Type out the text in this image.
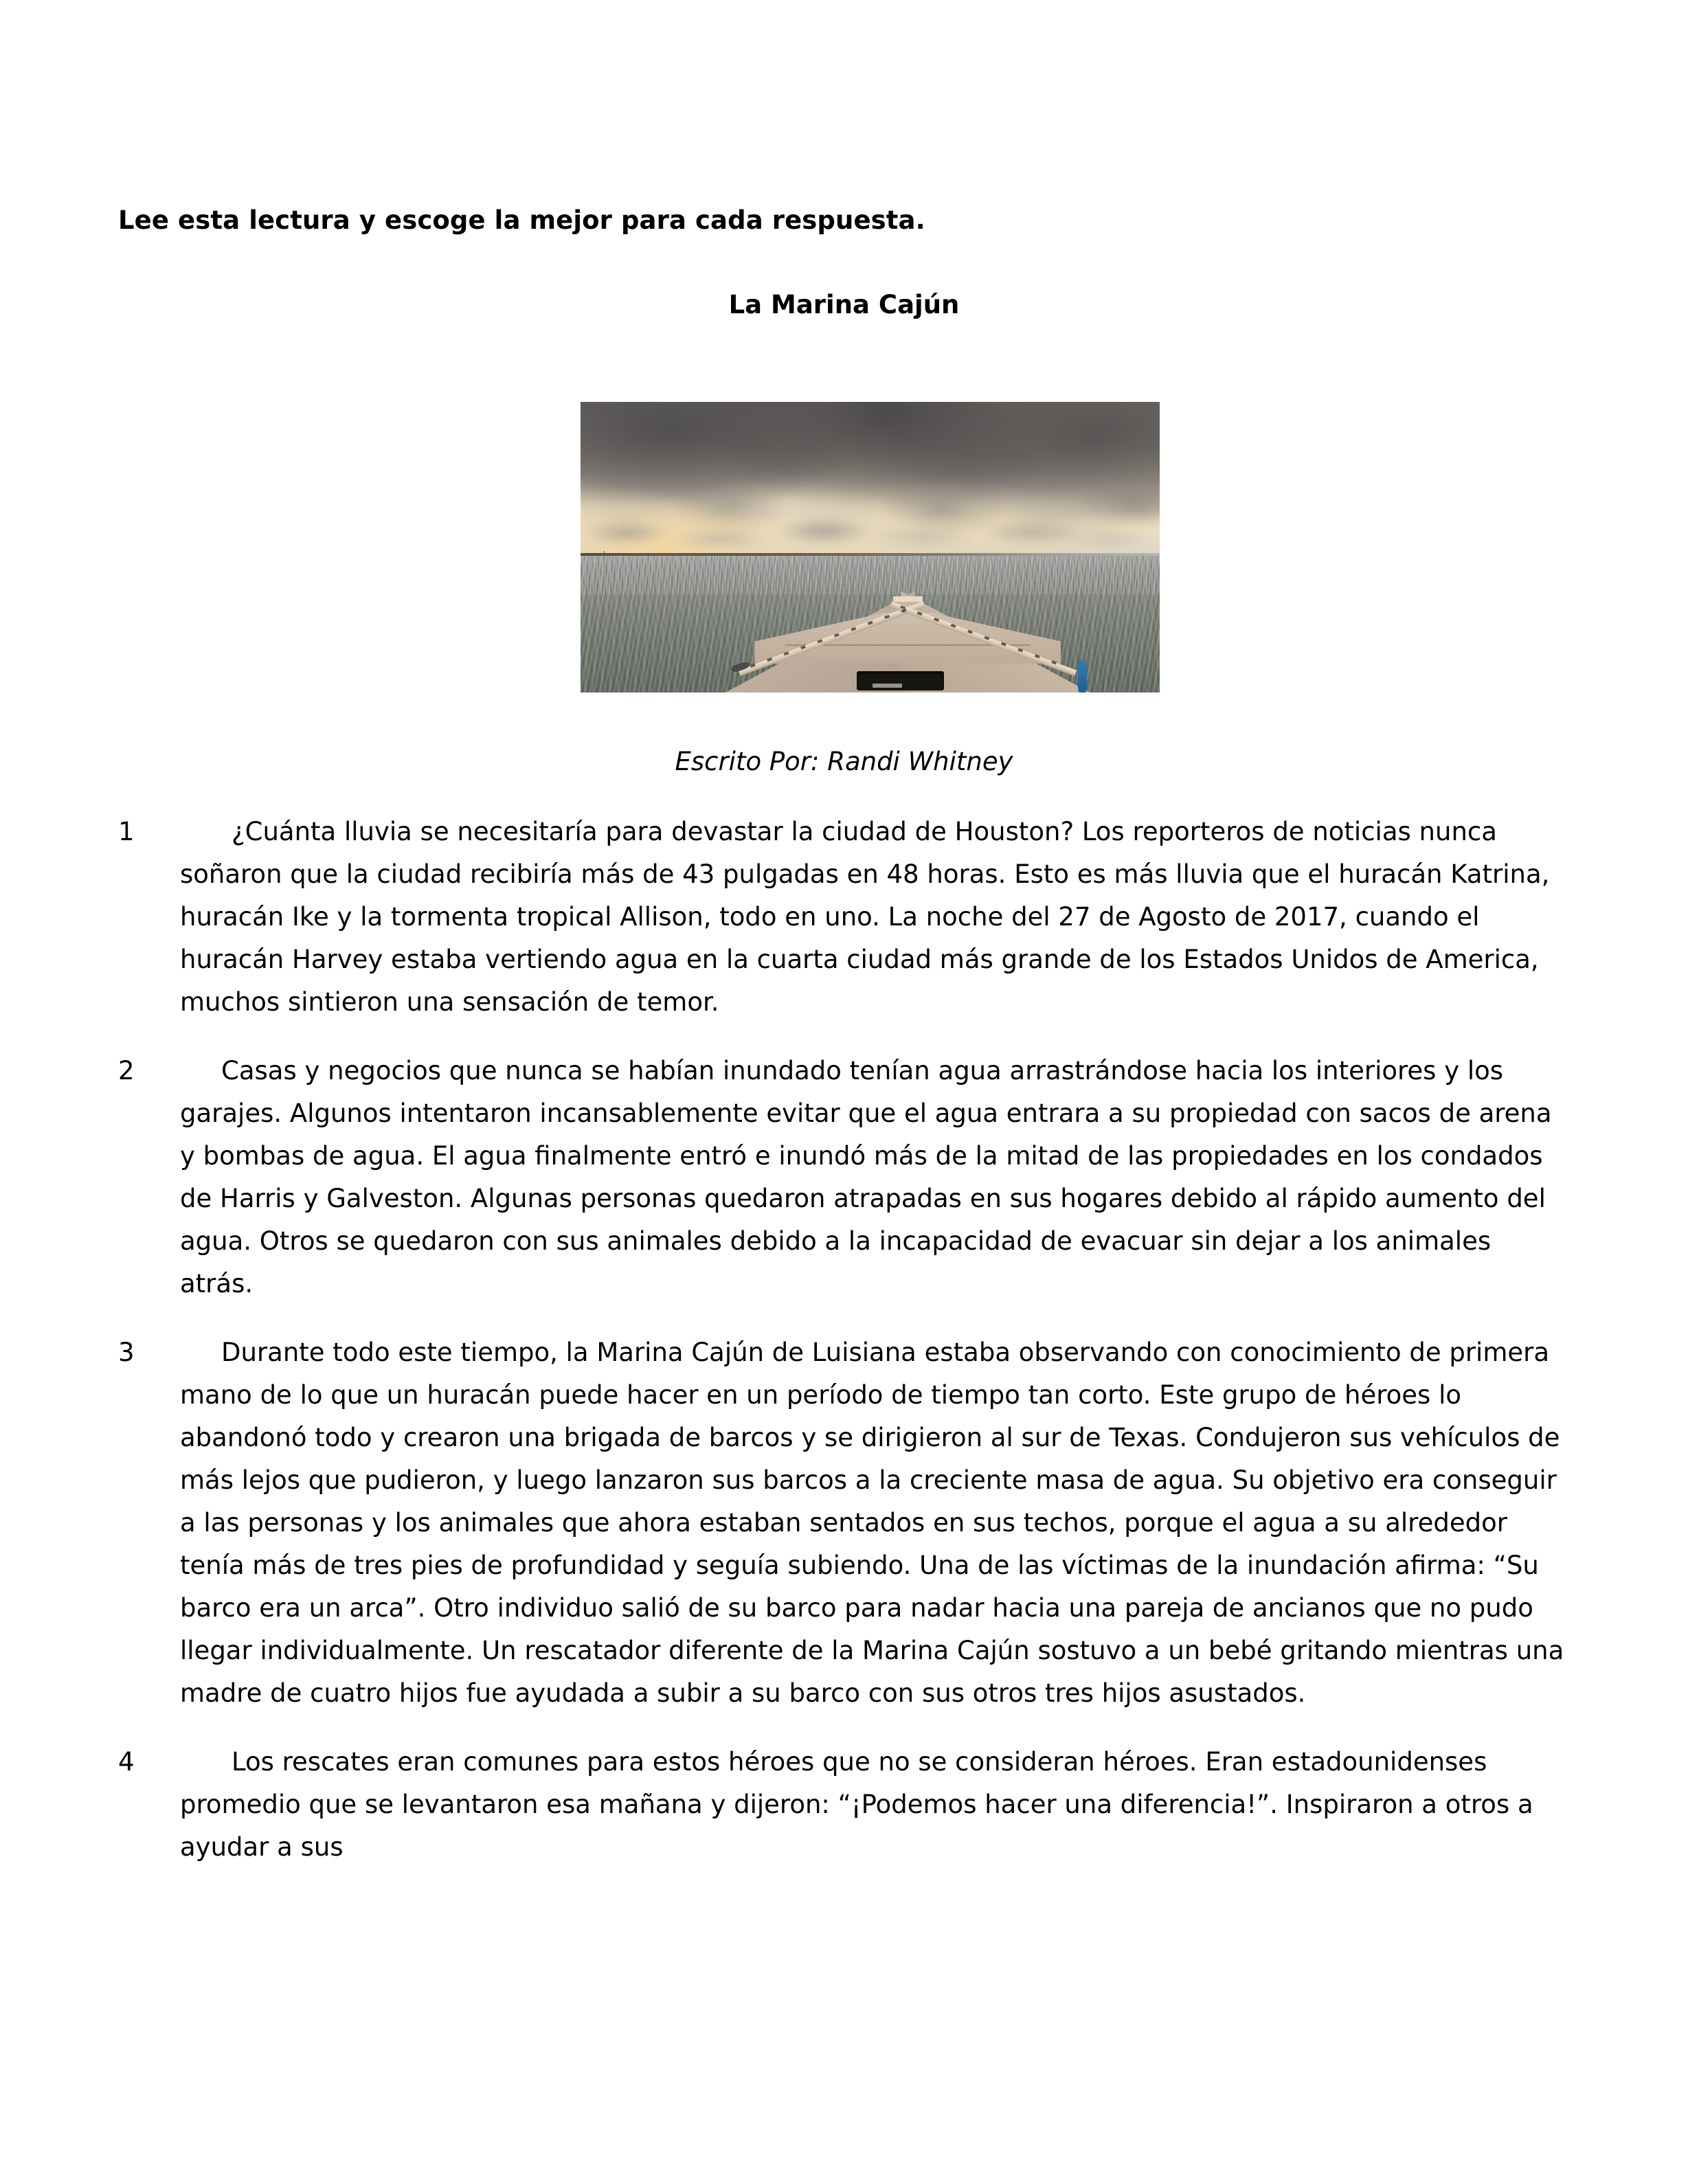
Lee esta lectura y escoge la mejor para cada respuesta.
La Marina Cajún
Escrito Por: Randi Whitney

1	¿Cuánta lluvia se necesitaría para devastar la ciudad de Houston? Los reporteros de noticias nunca soñaron que la ciudad recibiría más de 43 pulgadas en 48 horas. Esto es más lluvia que el huracán Katrina, huracán Ike y la tormenta tropical Allison, todo en uno. La noche del 27 de Agosto de 2017, cuando el huracán Harvey estaba vertiendo agua en la cuarta ciudad más grande de los Estados Unidos de America, muchos sintieron una sensación de temor.

2	Casas y negocios que nunca se habían inundado tenían agua arrastrándose hacia los interiores y los garajes. Algunos intentaron incansablemente evitar que el agua entrara a su propiedad con sacos de arena y bombas de agua. El agua finalmente entró e inundó más de la mitad de las propiedades en los condados de Harris y Galveston. Algunas personas quedaron atrapadas en sus hogares debido al rápido aumento del agua. Otros se quedaron con sus animales debido a la incapacidad de evacuar sin dejar a los animales atrás.

3	Durante todo este tiempo, la Marina Cajún de Luisiana estaba observando con conocimiento de primera mano de lo que un huracán puede hacer en un período de tiempo tan corto. Este grupo de héroes lo abandonó todo y crearon una brigada de barcos y se dirigieron al sur de Texas. Condujeron sus vehículos de más lejos que pudieron, y luego lanzaron sus barcos a la creciente masa de agua. Su objetivo era conseguir a las personas y los animales que ahora estaban sentados en sus techos, porque el agua a su alrededor tenía más de tres pies de profundidad y seguía subiendo. Una de las víctimas de la inundación afirma: “Su barco era un arca”. Otro individuo salió de su barco para nadar hacia una pareja de ancianos que no pudo llegar individualmente. Un rescatador diferente de la Marina Cajún sostuvo a un bebé gritando mientras una madre de cuatro hijos fue ayudada a subir a su barco con sus otros tres hijos asustados.

4	Los rescates eran comunes para estos héroes que no se consideran héroes. Eran estadounidenses promedio que se levantaron esa mañana y dijeron: “¡Podemos hacer una diferencia!”. Inspiraron a otros a ayudar a sus
